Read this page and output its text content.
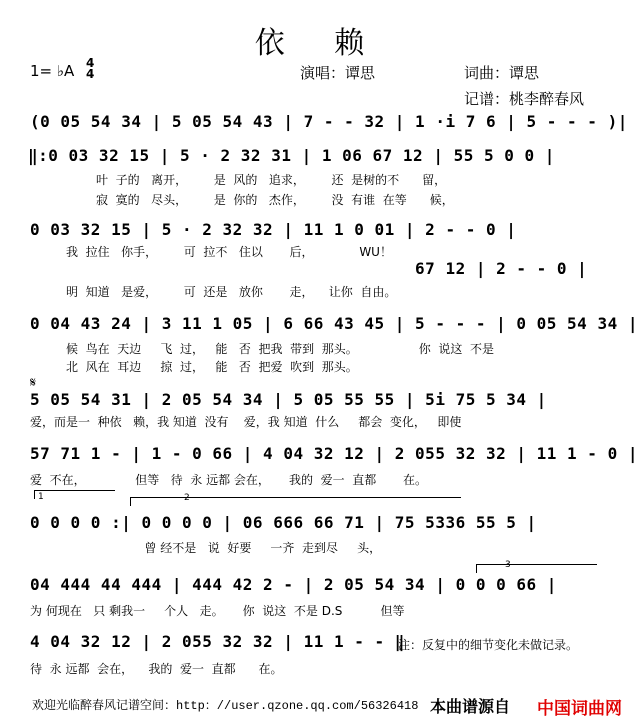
依 赖
1= ♭A 4
4	演唱：谭思	词曲：谭思
记谱：桃李醉春风
(0 05 54 34 | 5 05 54 43 | 7 - - 32 | 1 ·i 7 6 | 5 - - - )|
‖:0 03 32 15 | 5 · 2 32 31 | 1 06 67 12 | 55 5 0 0 |
叶  子的   离开，       是  风的   追求，       还  是树的不      留，
寂  寞的   尽头，       是  你的   杰作，       没  有谁  在等      候，
0 03 32 15 | 5 · 2 32 32 | 11 1 0 01 | 2 - - 0 |
我  拉住   你手，       可  拉不   住以       后，            WU！
67 12 | 2 - - 0 |
明  知道   是爱，       可  还是   放你       走，    让你  自由。
0 04 43 24 | 3 11 1 05 | 6 66 43 45 | 5 - - - | 0 05 54 34 |
候  鸟在  天边     飞  过，   能   否  把我  带到  那头。                你  说这  不是
北  风在  耳边     掠  过，   能   否  把爱  吹到  那头。
𝄋
5 05 54 31 | 2 05 54 34 | 5 05 55 55 | 5i 75 5 34 |
爱，而是一  种依   赖，我 知道  没有    爱，我 知道  什么     都会  变化，   即使
57 71 1 - | 1 - 0 66 | 4 04 32 12 | 2 055 32 32 | 11 1 - 0 |
爱  不在，             但等   待  永 远都 会在，     我的  爱一  直都       在。
1	2
0 0 0 0 :| 0 0 0 0 | 06 666 66 71 | 75 5336 55 5 |
曾 经不是   说  好要     一齐  走到尽     头，
3
04 444 44 444 | 444 42 2 - | 2 05 54 34 | 0 0 0 66 |
为 何现在   只 剩我一     个人   走。     你  说这  不是 D.S          但等
4 04 32 12 | 2 055 32 32 | 11 1 - - ‖
待  永 远都  会在，    我的  爱一  直都      在。
注：反复中的细节变化未做记录。
欢迎光临醉春风记谱空间：http：//user.qzone.qq.com/56326418 本曲谱源自 中国词曲网
